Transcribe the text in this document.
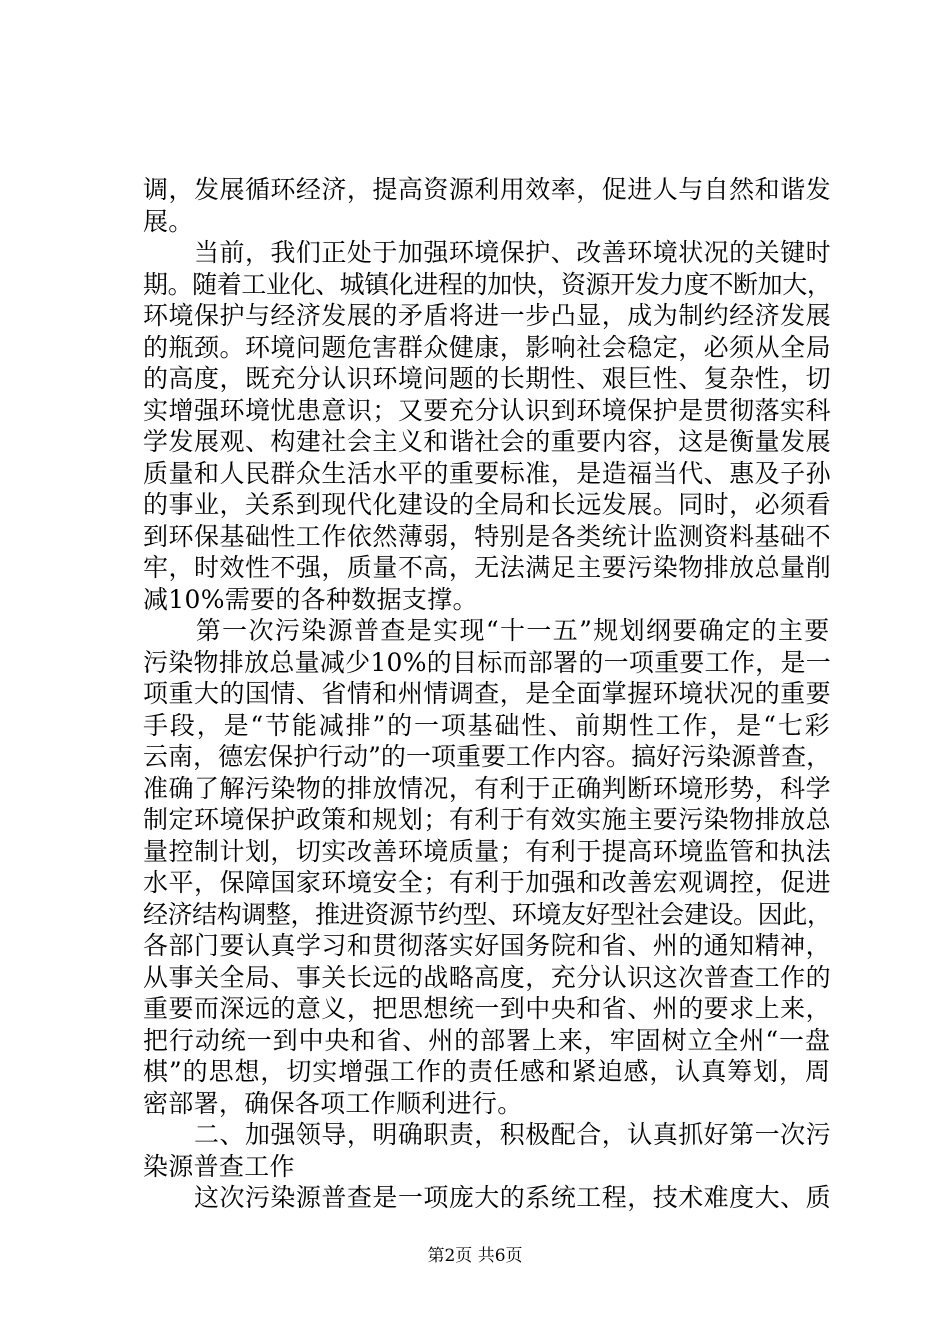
调，发展循环经济，提高资源利用效率，促进人与自然和谐发
展。
　　当前，我们正处于加强环境保护、改善环境状况的关键时
期。随着工业化、城镇化进程的加快，资源开发力度不断加大，
环境保护与经济发展的矛盾将进一步凸显，成为制约经济发展
的瓶颈。环境问题危害群众健康，影响社会稳定，必须从全局
的高度，既充分认识环境问题的长期性、艰巨性、复杂性，切
实增强环境忧患意识；又要充分认识到环境保护是贯彻落实科
学发展观、构建社会主义和谐社会的重要内容，这是衡量发展
质量和人民群众生活水平的重要标准，是造福当代、惠及子孙
的事业，关系到现代化建设的全局和长远发展。同时，必须看
到环保基础性工作依然薄弱，特别是各类统计监测资料基础不
牢，时效性不强，质量不高，无法满足主要污染物排放总量削
减10%需要的各种数据支撑。
　　第一次污染源普查是实现“十一五”规划纲要确定的主要
污染物排放总量减少10%的目标而部署的一项重要工作，是一
项重大的国情、省情和州情调查，是全面掌握环境状况的重要
手段，是“节能减排”的一项基础性、前期性工作，是“七彩
云南，德宏保护行动”的一项重要工作内容。搞好污染源普查，
准确了解污染物的排放情况，有利于正确判断环境形势，科学
制定环境保护政策和规划；有利于有效实施主要污染物排放总
量控制计划，切实改善环境质量；有利于提高环境监管和执法
水平，保障国家环境安全；有利于加强和改善宏观调控，促进
经济结构调整，推进资源节约型、环境友好型社会建设。因此，
各部门要认真学习和贯彻落实好国务院和省、州的通知精神，
从事关全局、事关长远的战略高度，充分认识这次普查工作的
重要而深远的意义，把思想统一到中央和省、州的要求上来，
把行动统一到中央和省、州的部署上来，牢固树立全州“一盘
棋”的思想，切实增强工作的责任感和紧迫感，认真筹划，周
密部署，确保各项工作顺利进行。
　　二、加强领导，明确职责，积极配合，认真抓好第一次污
染源普查工作
　　这次污染源普查是一项庞大的系统工程，技术难度大、质
第2页 共6页
